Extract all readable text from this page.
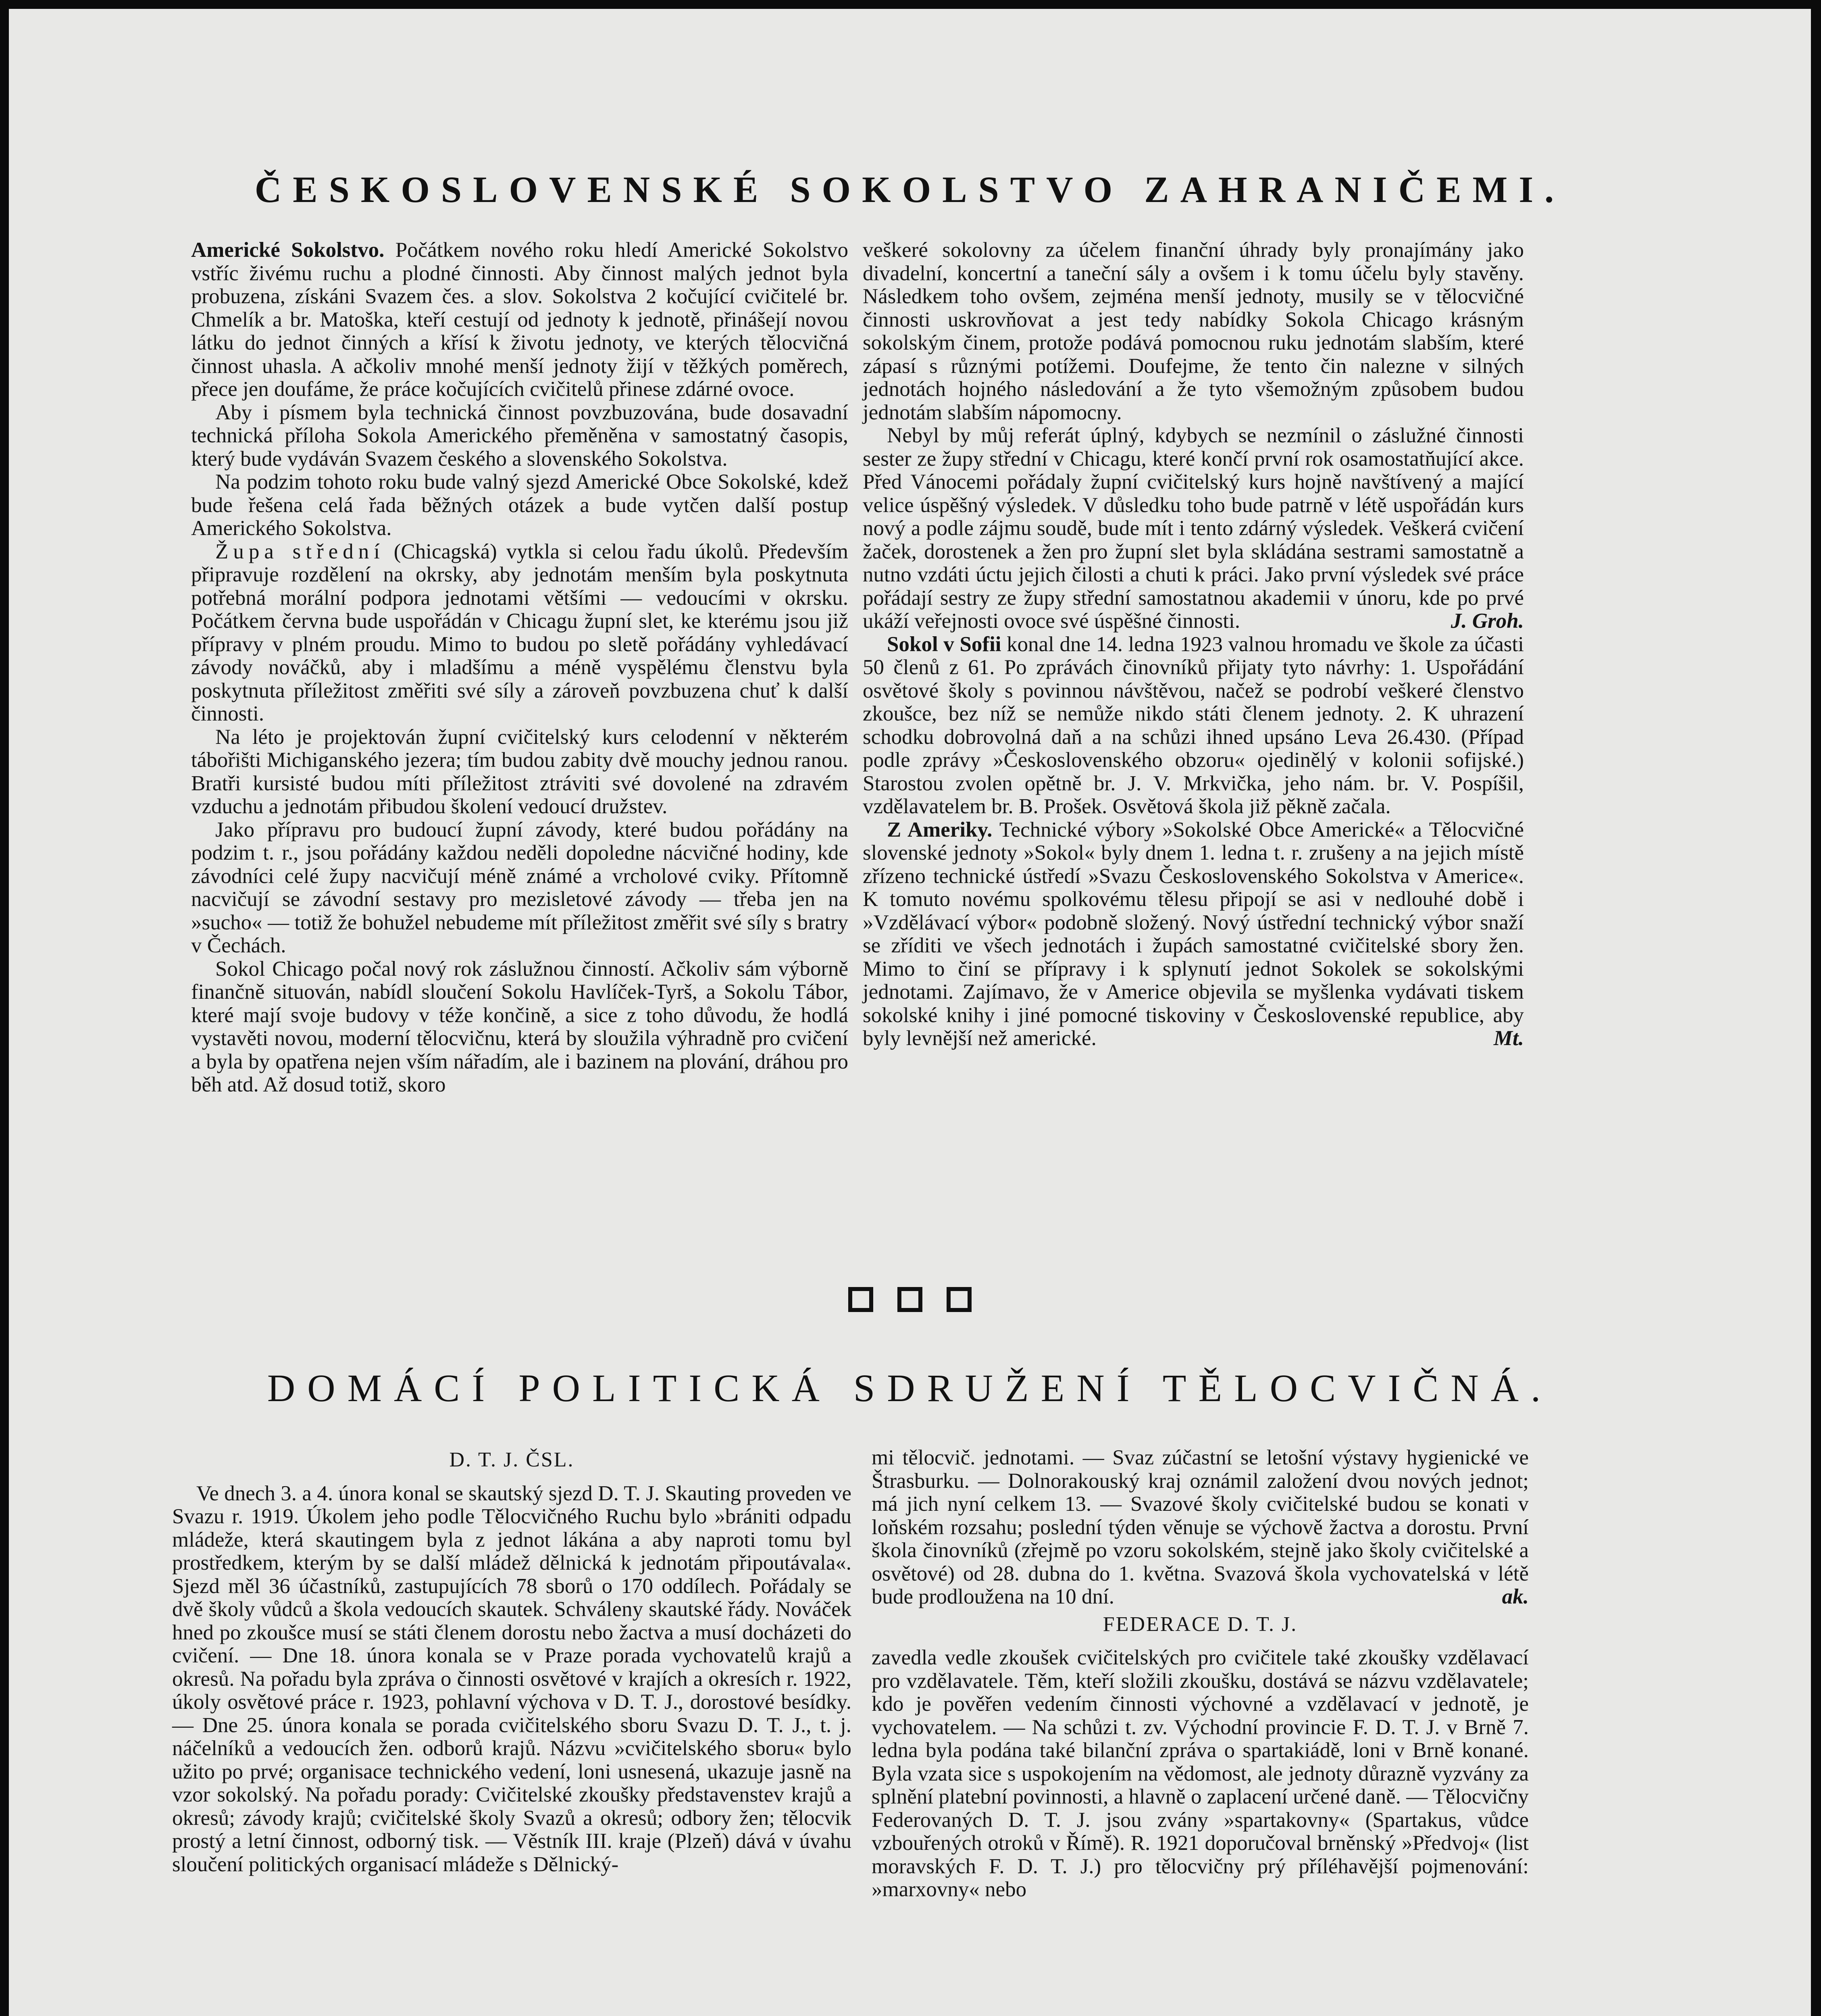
ČESKOSLOVENSKÉ SOKOLSTVO ZAHRANIČEMI.

Americké Sokolstvo. Počátkem nového roku hledí Americké Sokolstvo vstříc živému ruchu a plodné činnosti. Aby činnost malých jednot byla probuzena, získáni Svazem čes. a slov. Sokolstva 2 kočující cvičitelé br. Chmelík a br. Matoška, kteří cestují od jednoty k jednotě, přinášejí novou látku do jednot činných a křísí k životu jednoty, ve kterých tělocvičná činnost uhasla. A ačkoliv mnohé menší jednoty žijí v těžkých poměrech, přece jen doufáme, že práce kočujících cvičitelů přinese zdárné ovoce.

Aby i písmem byla technická činnost povzbuzována, bude dosavadní technická příloha Sokola Amerického přeměněna v samostatný časopis, který bude vydáván Svazem českého a slovenského Sokolstva.

Na podzim tohoto roku bude valný sjezd Americké Obce Sokolské, kdež bude řešena celá řada běžných otázek a bude vytčen další postup Amerického Sokolstva.

Župa střední (Chicagská) vytkla si celou řadu úkolů. Především připravuje rozdělení na okrsky, aby jednotám menším byla poskytnuta potřebná morální podpora jednotami většími — vedoucími v okrsku. Počátkem června bude uspořádán v Chicagu župní slet, ke kterému jsou již přípravy v plném proudu. Mimo to budou po sletě pořádány vyhledávací závody nováčků, aby i mladšímu a méně vyspělému členstvu byla poskytnuta příležitost změřiti své síly a zároveň povzbuzena chuť k další činnosti.

Na léto je projektován župní cvičitelský kurs celodenní v některém tábořišti Michiganského jezera; tím budou zabity dvě mouchy jednou ranou. Bratři kursisté budou míti příležitost ztráviti své dovolené na zdravém vzduchu a jednotám přibudou školení vedoucí družstev.

Jako přípravu pro budoucí župní závody, které budou pořádány na podzim t. r., jsou pořádány každou neděli dopoledne nácvičné hodiny, kde závodníci celé župy nacvičují méně známé a vrcholové cviky. Přítomně nacvičují se závodní sestavy pro mezisletové závody — třeba jen na »sucho« — totiž že bohužel nebudeme mít příležitost změřit své síly s bratry v Čechách.

Sokol Chicago počal nový rok záslužnou činností. Ačkoliv sám výborně finančně situován, nabídl sloučení Sokolu Havlíček-Tyrš, a Sokolu Tábor, které mají svoje budovy v téže končině, a sice z toho důvodu, že hodlá vystavěti novou, moderní tělocvičnu, která by sloužila výhradně pro cvičení a byla by opatřena nejen vším nářadím, ale i bazinem na plování, dráhou pro běh atd. Až dosud totiž, skoro

veškeré sokolovny za účelem finanční úhrady byly pronajímány jako divadelní, koncertní a taneční sály a ovšem i k tomu účelu byly stavěny. Následkem toho ovšem, zejména menší jednoty, musily se v tělocvičné činnosti uskrovňovat a jest tedy nabídky Sokola Chicago krásným sokolským činem, protože podává pomocnou ruku jednotám slabším, které zápasí s různými potížemi. Doufejme, že tento čin nalezne v silných jednotách hojného následování a že tyto všemožným způsobem budou jednotám slabším nápomocny.

Nebyl by můj referát úplný, kdybych se nezmínil o záslužné činnosti sester ze župy střední v Chicagu, které končí první rok osamostatňující akce. Před Vánocemi pořádaly župní cvičitelský kurs hojně navštívený a mající velice úspěšný výsledek. V důsledku toho bude patrně v létě uspořádán kurs nový a podle zájmu soudě, bude mít i tento zdárný výsledek. Veškerá cvičení žaček, dorostenek a žen pro župní slet byla skládána sestrami samostatně a nutno vzdáti úctu jejich čilosti a chuti k práci. Jako první výsledek své práce pořádají sestry ze župy střední samostatnou akademii v únoru, kde po prvé ukáží veřejnosti ovoce své úspěšné činnosti.	J. Groh.

Sokol v Sofii konal dne 14. ledna 1923 valnou hromadu ve škole za účasti 50 členů z 61. Po zprávách činovníků přijaty tyto návrhy: 1. Uspořádání osvětové školy s povinnou návštěvou, načež se podrobí veškeré členstvo zkoušce, bez níž se nemůže nikdo státi členem jednoty. 2. K uhrazení schodku dobrovolná daň a na schůzi ihned upsáno Leva 26.430. (Případ podle zprávy »Československého obzoru« ojedinělý v kolonii sofijské.) Starostou zvolen opětně br. J. V. Mrkvička, jeho nám. br. V. Pospíšil, vzdělavatelem br. B. Prošek. Osvětová škola již pěkně začala.

Z Ameriky. Technické výbory »Sokolské Obce Americké« a Tělocvičné slovenské jednoty »Sokol« byly dnem 1. ledna t. r. zrušeny a na jejich místě zřízeno technické ústředí »Svazu Československého Sokolstva v Americe«. K tomuto novému spolkovému tělesu připojí se asi v nedlouhé době i »Vzdělávací výbor« podobně složený. Nový ústřední technický výbor snaží se zříditi ve všech jednotách i župách samostatné cvičitelské sbory žen. Mimo to činí se přípravy i k splynutí jednot Sokolek se sokolskými jednotami. Zajímavo, že v Americe objevila se myšlenka vydávati tiskem sokolské knihy i jiné pomocné tiskoviny v Československé republice, aby byly levnější než americké.	Mt.

DOMÁCÍ POLITICKÁ SDRUŽENÍ TĚLOCVIČNÁ.

D. T. J. ČSL.

Ve dnech 3. a 4. února konal se skautský sjezd D. T. J. Skauting proveden ve Svazu r. 1919. Úkolem jeho podle Tělocvičného Ruchu bylo »brániti odpadu mládeže, která skautingem byla z jednot lákána a aby naproti tomu byl prostředkem, kterým by se další mládež dělnická k jednotám připoutávala«. Sjezd měl 36 účastníků, zastupujících 78 sborů o 170 oddílech. Pořádaly se dvě školy vůdců a škola vedoucích skautek. Schváleny skautské řády. Nováček hned po zkoušce musí se státi členem dorostu nebo žactva a musí docházeti do cvičení. — Dne 18. února konala se v Praze porada vychovatelů krajů a okresů. Na pořadu byla zpráva o činnosti osvětové v krajích a okresích r. 1922, úkoly osvětové práce r. 1923, pohlavní výchova v D. T. J., dorostové besídky. — Dne 25. února konala se porada cvičitelského sboru Svazu D. T. J., t. j. náčelníků a vedoucích žen. odborů krajů. Názvu »cvičitelského sboru« bylo užito po prvé; organisace technického vedení, loni usnesená, ukazuje jasně na vzor sokolský. Na pořadu porady: Cvičitelské zkoušky představenstev krajů a okresů; závody krajů; cvičitelské školy Svazů a okresů; odbory žen; tělocvik prostý a letní činnost, odborný tisk. — Věstník III. kraje (Plzeň) dává v úvahu sloučení politických organisací mládeže s Dělnický-

mi tělocvič. jednotami. — Svaz zúčastní se letošní výstavy hygienické ve Štrasburku. — Dolnorakouský kraj oznámil založení dvou nových jednot; má jich nyní celkem 13. — Svazové školy cvičitelské budou se konati v loňském rozsahu; poslední týden věnuje se výchově žactva a dorostu. První škola činovníků (zřejmě po vzoru sokolském, stejně jako školy cvičitelské a osvětové) od 28. dubna do 1. května. Svazová škola vychovatelská v létě bude prodloužena na 10 dní.	ak.

FEDERACE D. T. J.

zavedla vedle zkoušek cvičitelských pro cvičitele také zkoušky vzdělavací pro vzdělavatele. Těm, kteří složili zkoušku, dostává se názvu vzdělavatele; kdo je pověřen vedením činnosti výchovné a vzdělavací v jednotě, je vychovatelem. — Na schůzi t. zv. Východní provincie F. D. T. J. v Brně 7. ledna byla podána také bilanční zpráva o spartakiádě, loni v Brně konané. Byla vzata sice s uspokojením na vědomost, ale jednoty důrazně vyzvány za splnění platební povinnosti, a hlavně o zaplacení určené daně. — Tělocvičny Federovaných D. T. J. jsou zvány »spartakovny« (Spartakus, vůdce vzbouřených otroků v Římě). R. 1921 doporučoval brněnský »Předvoj« (list moravských F. D. T. J.) pro tělocvičny prý příléhavější pojmenování: »marxovny« nebo
